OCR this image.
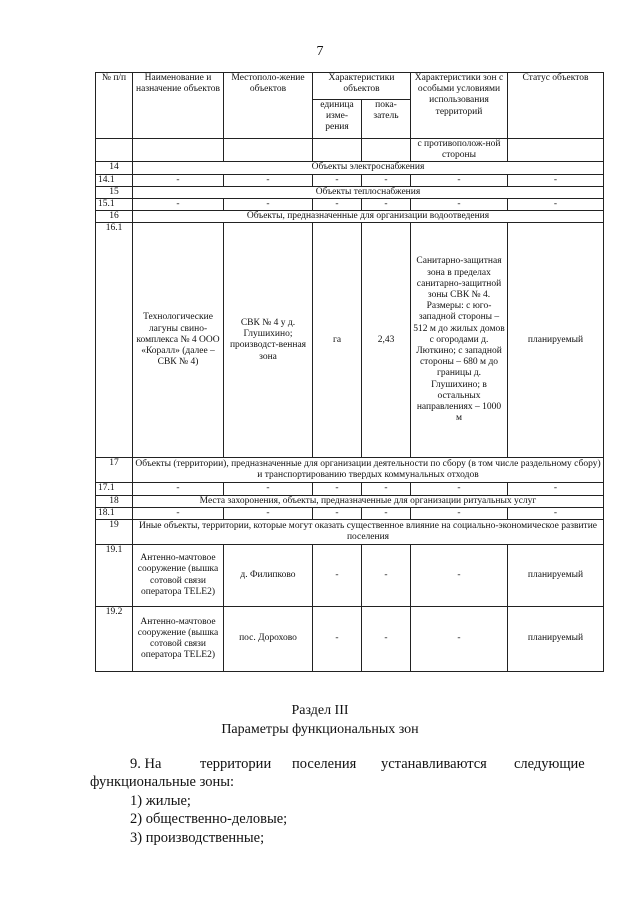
7
№ п/п	Наименование и назначение объектов	Местополо-жение объектов	Характеристики объектов		Характеристики зон с особыми условиями использования территорий	Статус объектов
			единица изме-рения	пока-затель		
					с противополож-ной стороны	
14	Объекты электроснабжения					
14.1	-	-	-	-	-	-
15	Объекты теплоснабжения					
15.1	-	-	-	-	-	-
16	Объекты, предназначенные для организации водоотведения					
16.1	Технологические лагуны свино-комплекса № 4 ООО «Коралл» (далее – СВК № 4)	СВК № 4 у д. Глушихино; производст-венная зона	га	2,43	Санитарно-защитная зона в пределах санитарно-защитной зоны СВК № 4. Размеры: с юго-западной стороны – 512 м до жилых домов с огородами д. Люткино; с западной стороны – 680 м до границы д. Глушихино; в остальных направлениях – 1000 м	планируемый
17	Объекты (территории), предназначенные для организации деятельности по сбору (в том числе раздельному сбору) и транспортированию твердых коммунальных отходов					
17.1	-	-	-	-	-	-
18	Места захоронения, объекты, предназначенные для организации ритуальных услуг					
18.1	-	-	-	-	-	-
19	Иные объекты, территории, которые могут оказать существенное влияние на социально-экономическое развитие поселения					
19.1	Антенно-мачтовое сооружение (вышка сотовой связи оператора TELE2)	д. Филипково	-	-	-	планируемый
19.2	Антенно-мачтовое сооружение (вышка сотовой связи оператора TELE2)	пос. Дорохово	-	-	-	планируемый
Раздел III
Параметры функциональных зон
9. На	территории поселения устанавливаются следующие
функциональные зоны:
1) жилые;
2) общественно-деловые;
3) производственные;
